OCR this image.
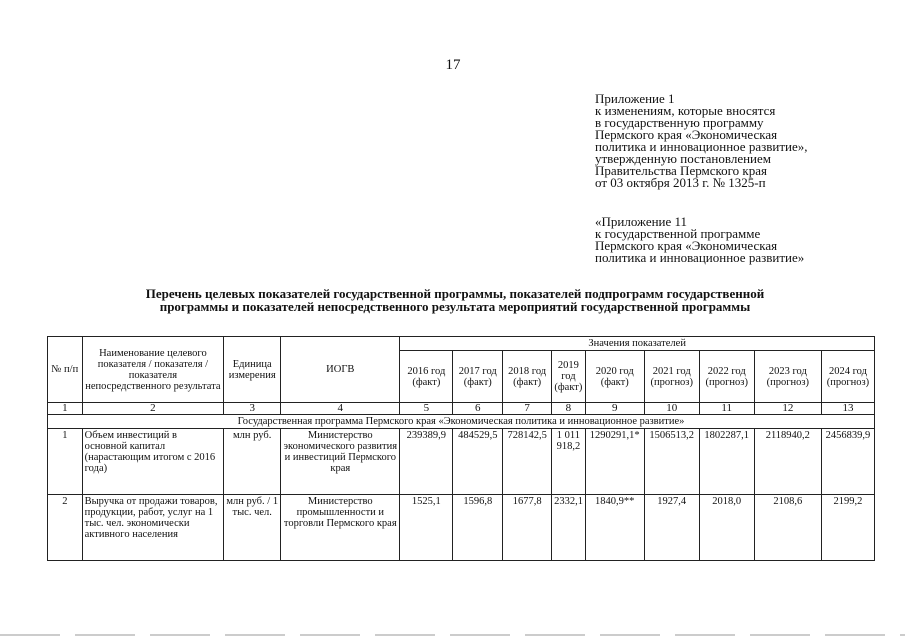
17
Приложение 1
к изменениям, которые вносятся
в государственную программу
Пермского края «Экономическая
политика и инновационное развитие»,
утвержденную постановлением
Правительства Пермского края
от 03 октября 2013 г. № 1325-п
«Приложение 11
к государственной программе
Пермского края «Экономическая
политика и инновационное развитие»
Перечень целевых показателей государственной программы, показателей подпрограмм государственной
программы и показателей непосредственного результата мероприятий государственной программы
№ п/п	Наименование целевого показателя / показателя / показателя непосредственного результата	Единица измерения	ИОГВ	Значения показателей								
				2016 год (факт)	2017 год (факт)	2018 год (факт)	2019 год (факт)	2020 год (факт)	2021 год (прогноз)	2022 год (прогноз)	2023 год (прогноз)	2024 год (прогноз)
1	2	3	4	5	6	7	8	9	10	11	12	13
Государственная программа Пермского края «Экономическая политика и инновационное развитие»												
1	Объем инвестиций в основной капитал (нарастающим итогом с 2016 года)	млн руб.	Министерство экономического развития и инвестиций Пермского края	239389,9	484529,5	728142,5	1 011 918,2	1290291,1*	1506513,2	1802287,1	2118940,2	2456839,9
2	Выручка от продажи товаров, продукции, работ, услуг на 1 тыс. чел. экономически активного населения	млн руб. / 1 тыс. чел.	Министерство промышленности и торговли Пермского края	1525,1	1596,8	1677,8	2332,1	1840,9**	1927,4	2018,0	2108,6	2199,2
